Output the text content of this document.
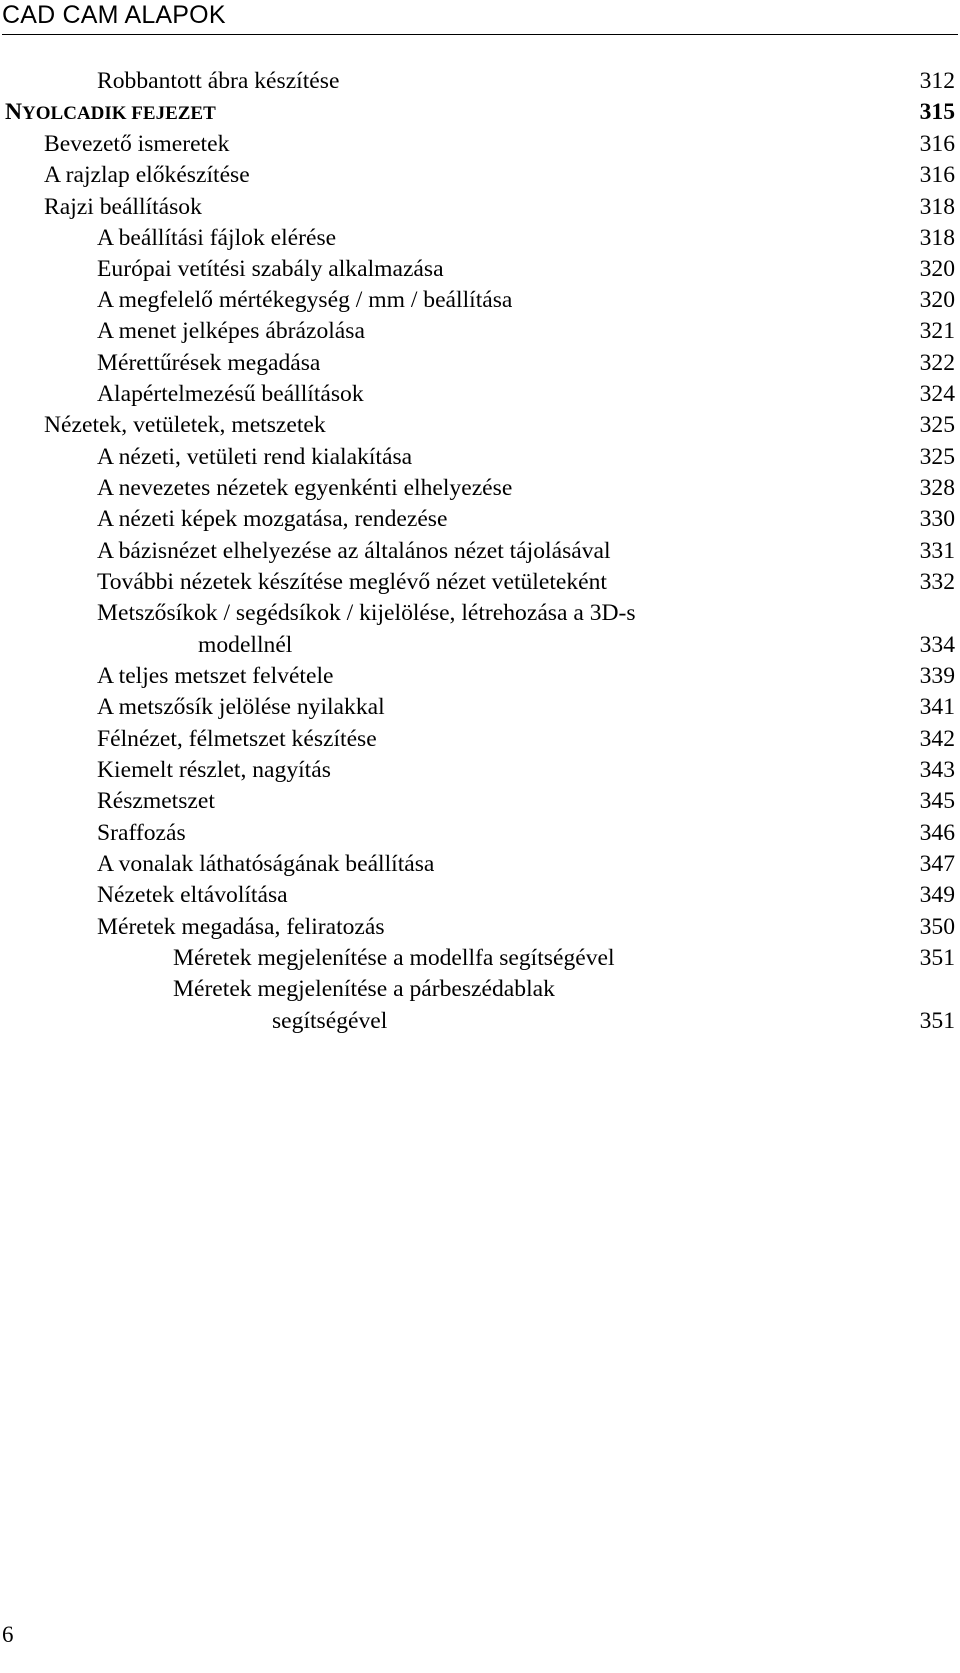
CAD CAM ALAPOK
Robbantott ábra készítése	312
NYOLCADIK FEJEZET	315
Bevezető ismeretek	316
A rajzlap előkészítése	316
Rajzi beállítások	318
A beállítási fájlok elérése	318
Európai vetítési szabály alkalmazása	320
A megfelelő mértékegység / mm / beállítása	320
A menet jelképes ábrázolása	321
Mérettűrések megadása	322
Alapértelmezésű beállítások	324
Nézetek, vetületek, metszetek	325
A nézeti, vetületi rend kialakítása	325
A nevezetes nézetek egyenkénti elhelyezése	328
A nézeti képek mozgatása, rendezése	330
A bázisnézet elhelyezése az általános nézet tájolásával	331
További nézetek készítése meglévő nézet vetületeként	332
Metszősíkok / segédsíkok / kijelölése, létrehozása a 3D-s
modellnél	334
A teljes metszet felvétele	339
A metszősík jelölése nyilakkal	341
Félnézet, félmetszet készítése	342
Kiemelt részlet, nagyítás	343
Részmetszet	345
Sraffozás	346
A vonalak láthatóságának beállítása	347
Nézetek eltávolítása	349
Méretek megadása, feliratozás	350
Méretek megjelenítése a modellfa segítségével	351
Méretek megjelenítése a párbeszédablak
segítségével	351
6
